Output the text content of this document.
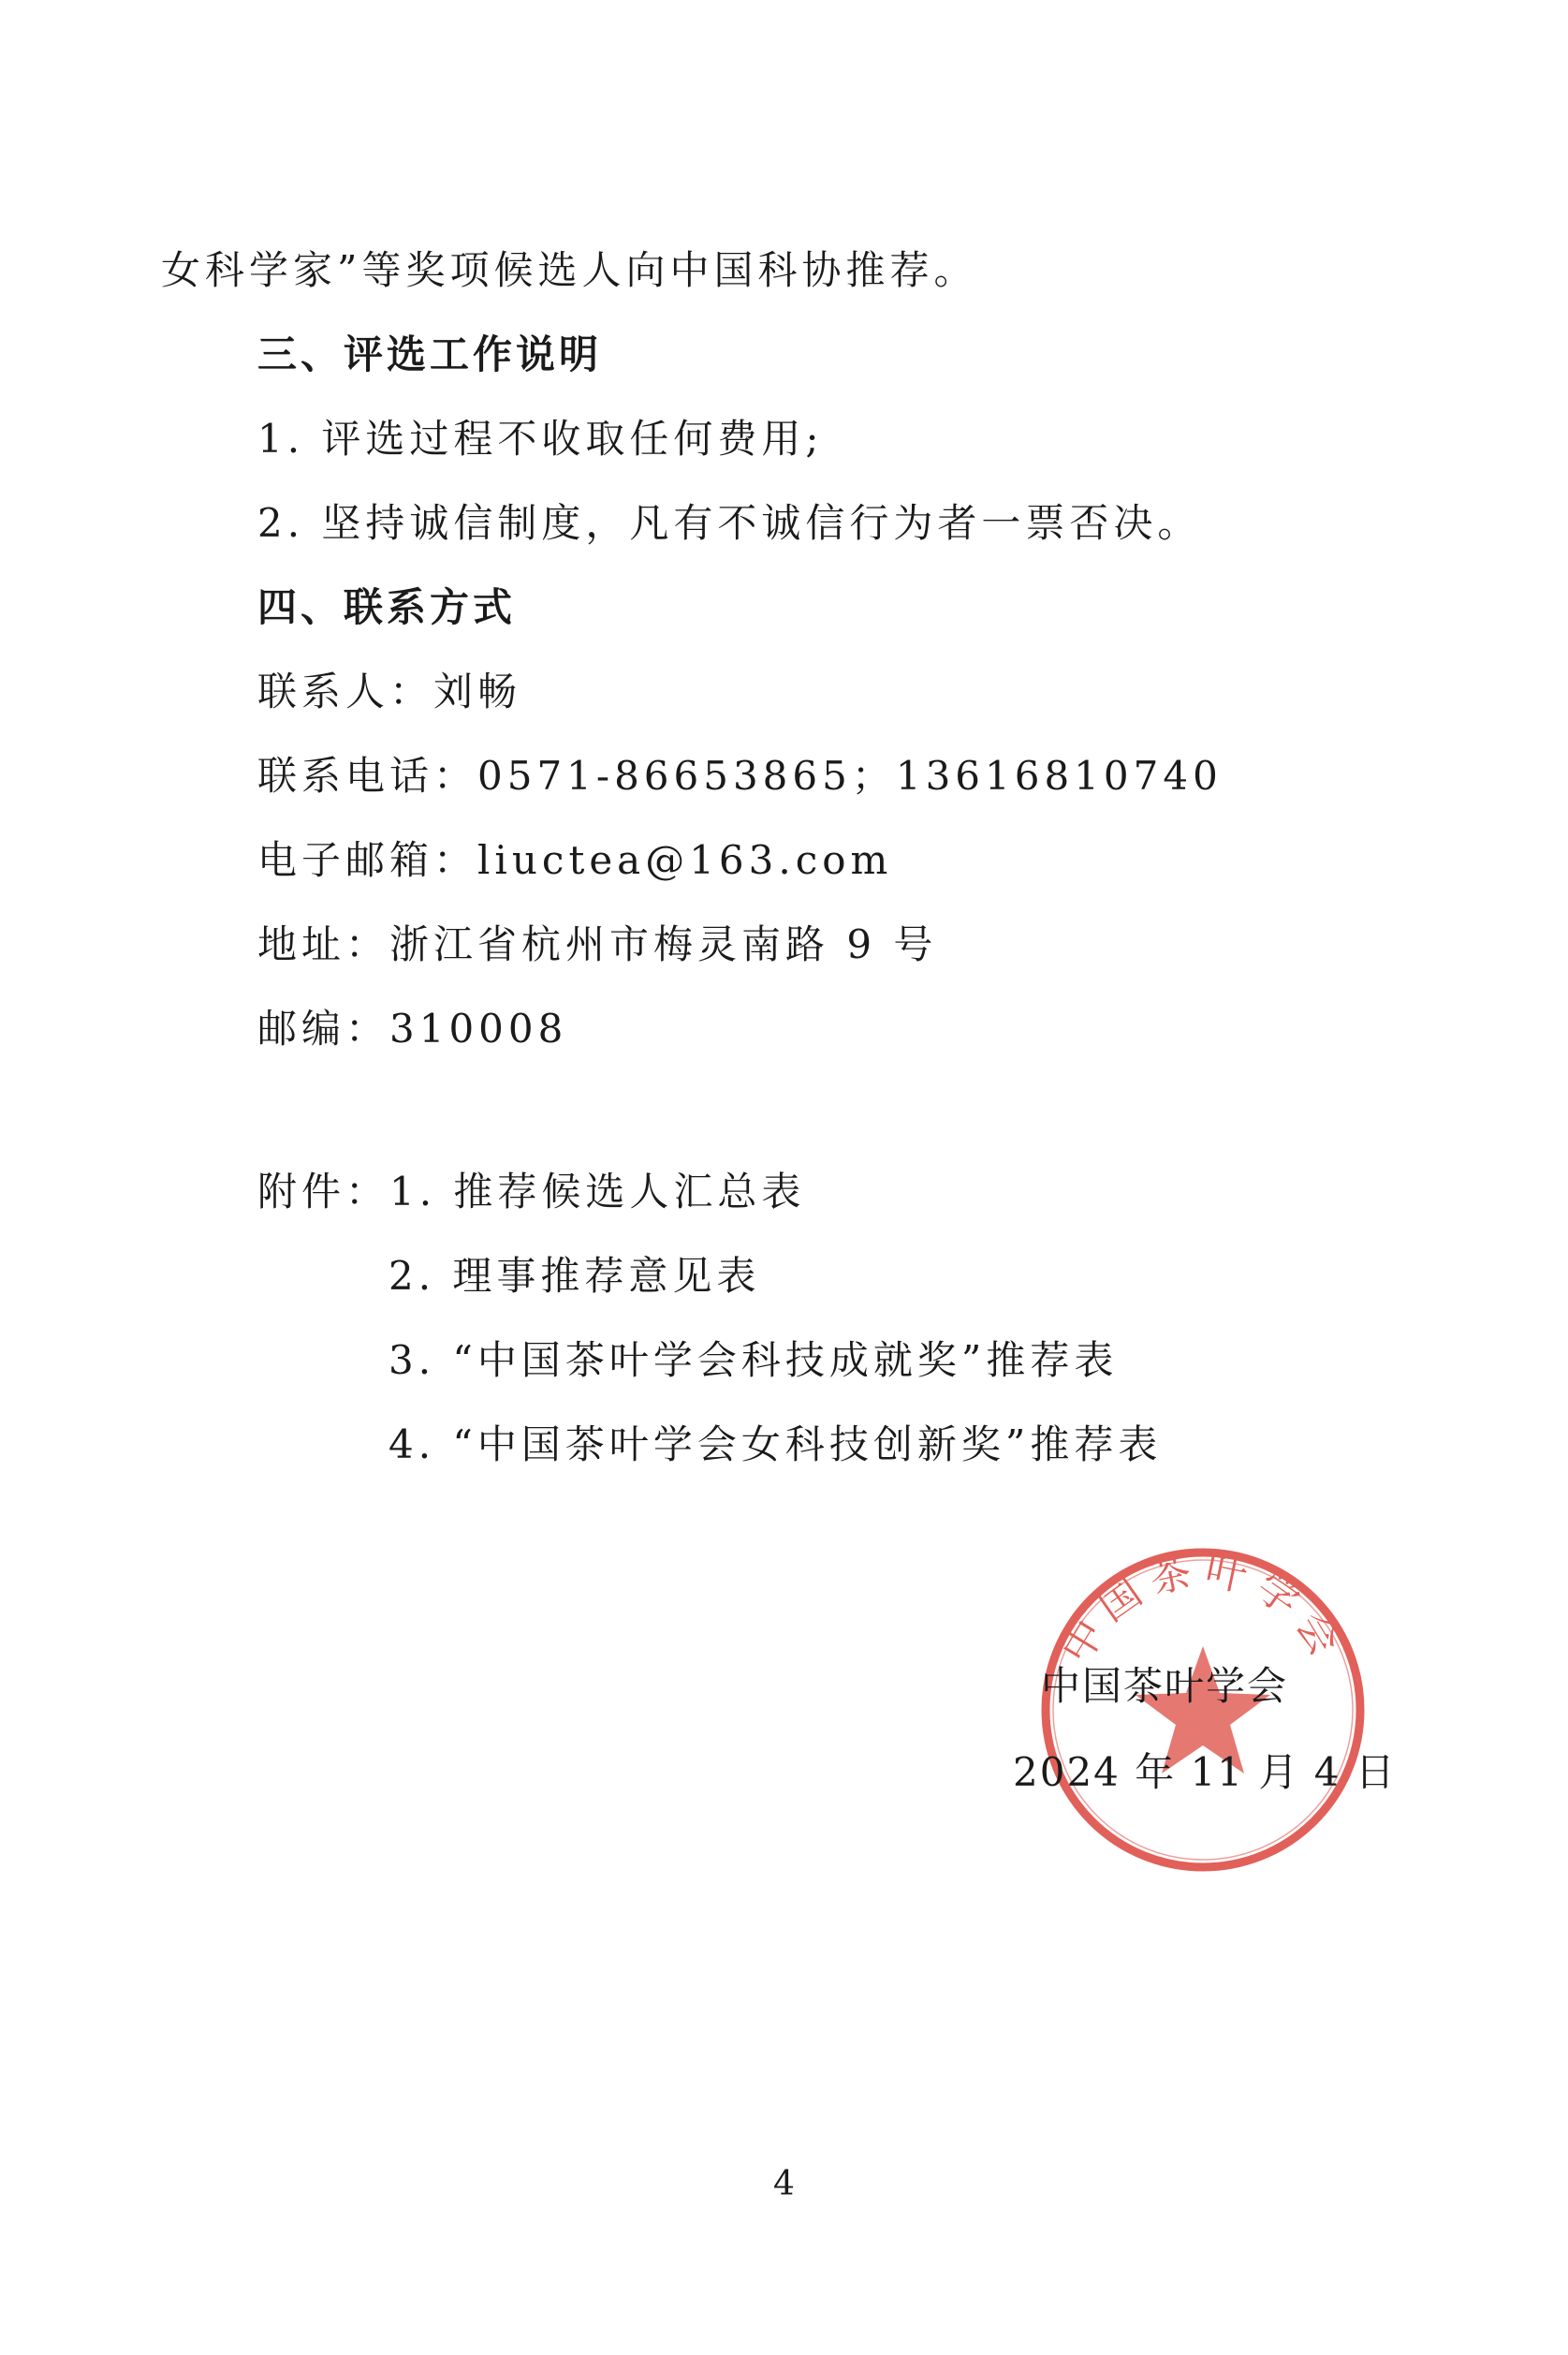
女科学家”等奖项候选人向中国科协推荐。
三、评选工作说明
1. 评选过程不收取任何费用;
2. 坚持诚信制度，凡有不诚信行为者一票否决。
四、联系方式
联系人：刘畅
联系电话：0571-86653865；13616810740
电子邮箱：liuctea@163.com
地址：浙江省杭州市梅灵南路 9 号
邮编：310008
附件：1. 推荐候选人汇总表
2. 理事推荐意见表
3. “中国茶叶学会科技成就奖”推荐表
4. “中国茶叶学会女科技创新奖”推荐表
中国茶叶学会
中国茶叶学会
2024 年 11 月 4 日
4
